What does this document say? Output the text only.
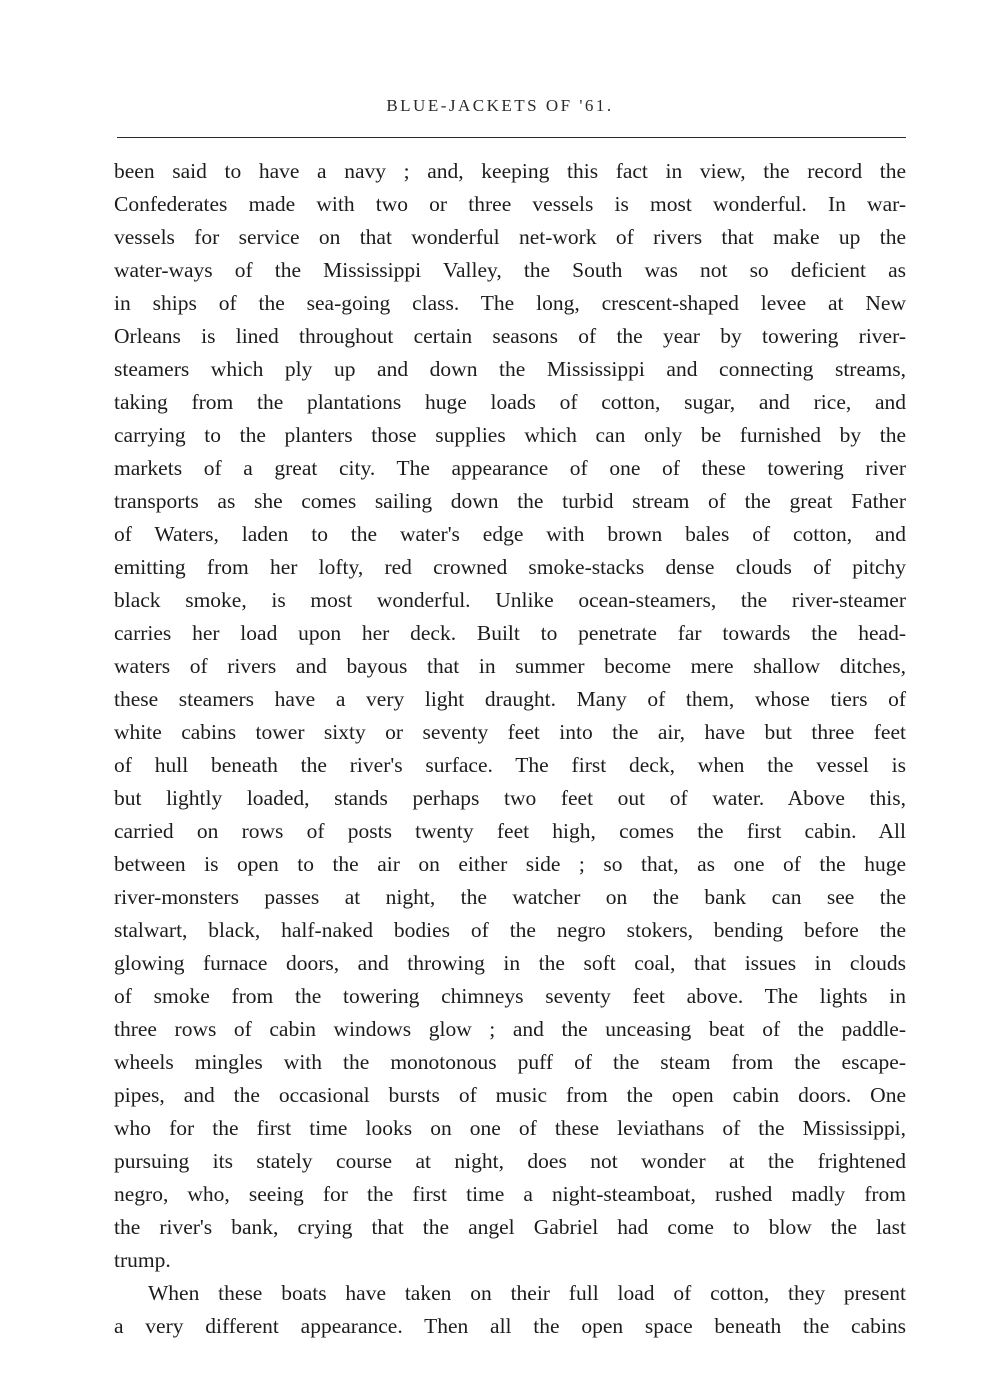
BLUE-JACKETS OF '61.
been said to have a navy ; and, keeping this fact in view, the record the
Confederates made with two or three vessels is most wonderful. In war-
vessels for service on that wonderful net-work of rivers that make up the
water-ways of the Mississippi Valley, the South was not so deficient as
in ships of the sea-going class. The long, crescent-shaped levee at New
Orleans is lined throughout certain seasons of the year by towering river-
steamers which ply up and down the Mississippi and connecting streams,
taking from the plantations huge loads of cotton, sugar, and rice, and
carrying to the planters those supplies which can only be furnished by the
markets of a great city. The appearance of one of these towering river
transports as she comes sailing down the turbid stream of the great Father
of Waters, laden to the water's edge with brown bales of cotton, and
emitting from her lofty, red crowned smoke-stacks dense clouds of pitchy
black smoke, is most wonderful. Unlike ocean-steamers, the river-steamer
carries her load upon her deck. Built to penetrate far towards the head-
waters of rivers and bayous that in summer become mere shallow ditches,
these steamers have a very light draught. Many of them, whose tiers of
white cabins tower sixty or seventy feet into the air, have but three feet
of hull beneath the river's surface. The first deck, when the vessel is
but lightly loaded, stands perhaps two feet out of water. Above this,
carried on rows of posts twenty feet high, comes the first cabin. All
between is open to the air on either side ; so that, as one of the huge
river-monsters passes at night, the watcher on the bank can see the
stalwart, black, half-naked bodies of the negro stokers, bending before the
glowing furnace doors, and throwing in the soft coal, that issues in clouds
of smoke from the towering chimneys seventy feet above. The lights in
three rows of cabin windows glow ; and the unceasing beat of the paddle-
wheels mingles with the monotonous puff of the steam from the escape-
pipes, and the occasional bursts of music from the open cabin doors. One
who for the first time looks on one of these leviathans of the Mississippi,
pursuing its stately course at night, does not wonder at the frightened
negro, who, seeing for the first time a night-steamboat, rushed madly from
the river's bank, crying that the angel Gabriel had come to blow the last
trump.
When these boats have taken on their full load of cotton, they present
a very different appearance. Then all the open space beneath the cabins
